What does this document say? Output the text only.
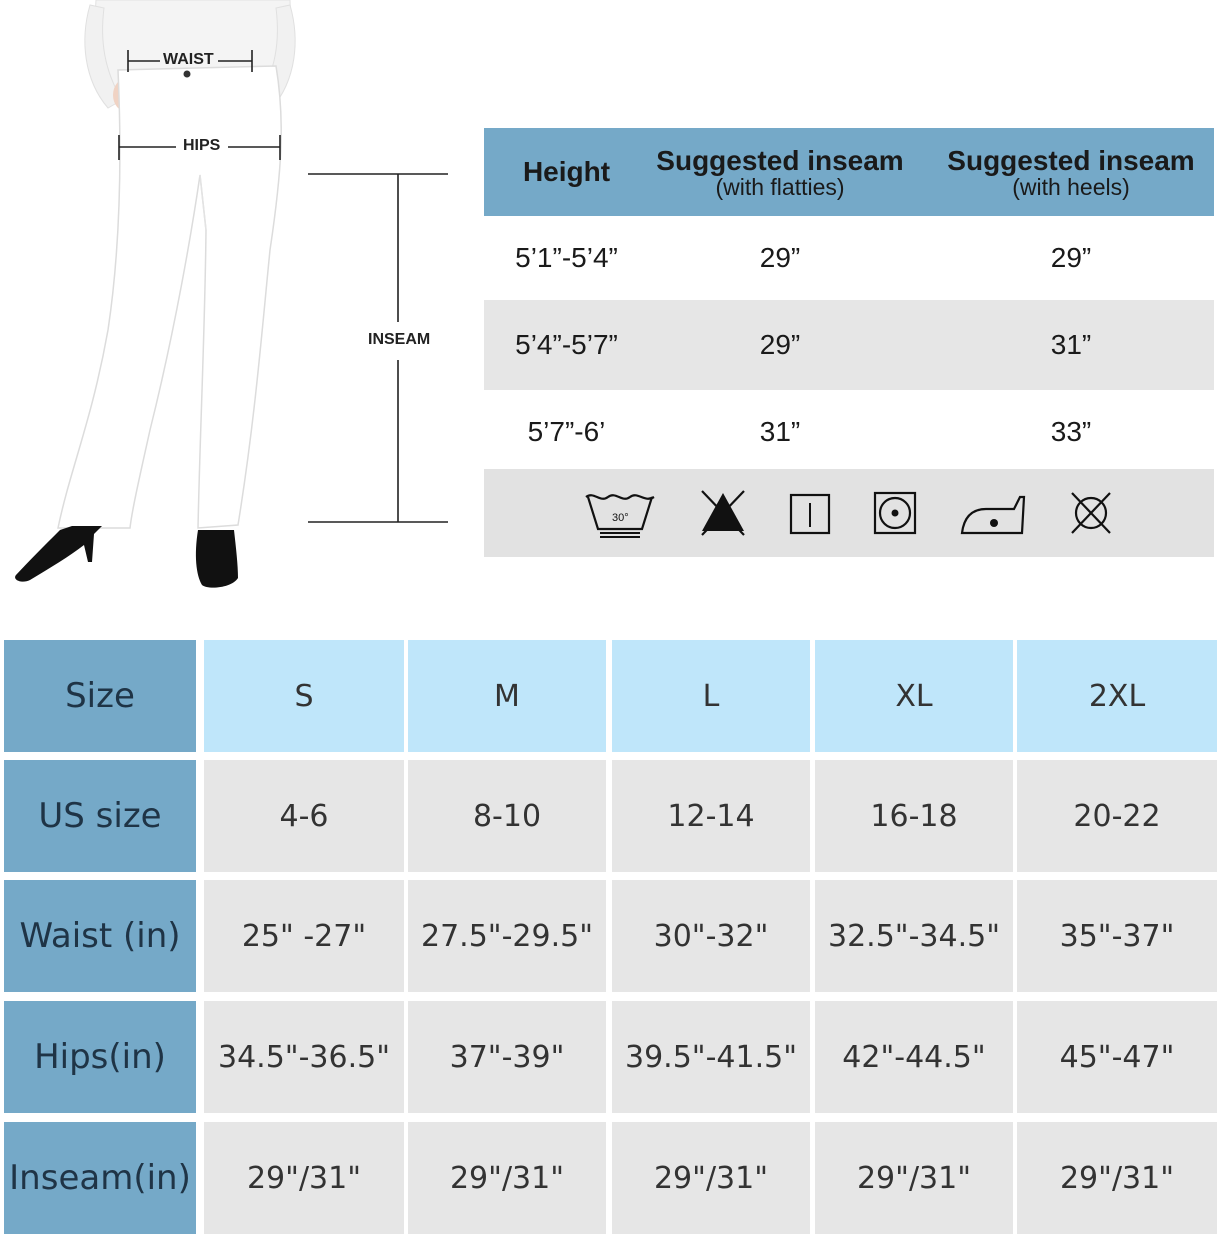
WAIST
HIPS
INSEAM
Height Suggested inseam
(with flatties)
Suggested inseam
(with heels)
5’1”-5’4”	29”	29”
5’4”-5’7”	29”	31”
5’7”-6’	31”	33”
30°
Size	S	M	L	XL	2XL
US size	4-6	8-10	12-14	16-18	20-22
Waist (in)	25" -27"	27.5"-29.5"	30"-32"	32.5"-34.5"	35"-37"
Hips(in)	34.5"-36.5"	37"-39"	39.5"-41.5"	42"-44.5"	45"-47"
Inseam(in)	29"/31"	29"/31"	29"/31"	29"/31"	29"/31"
